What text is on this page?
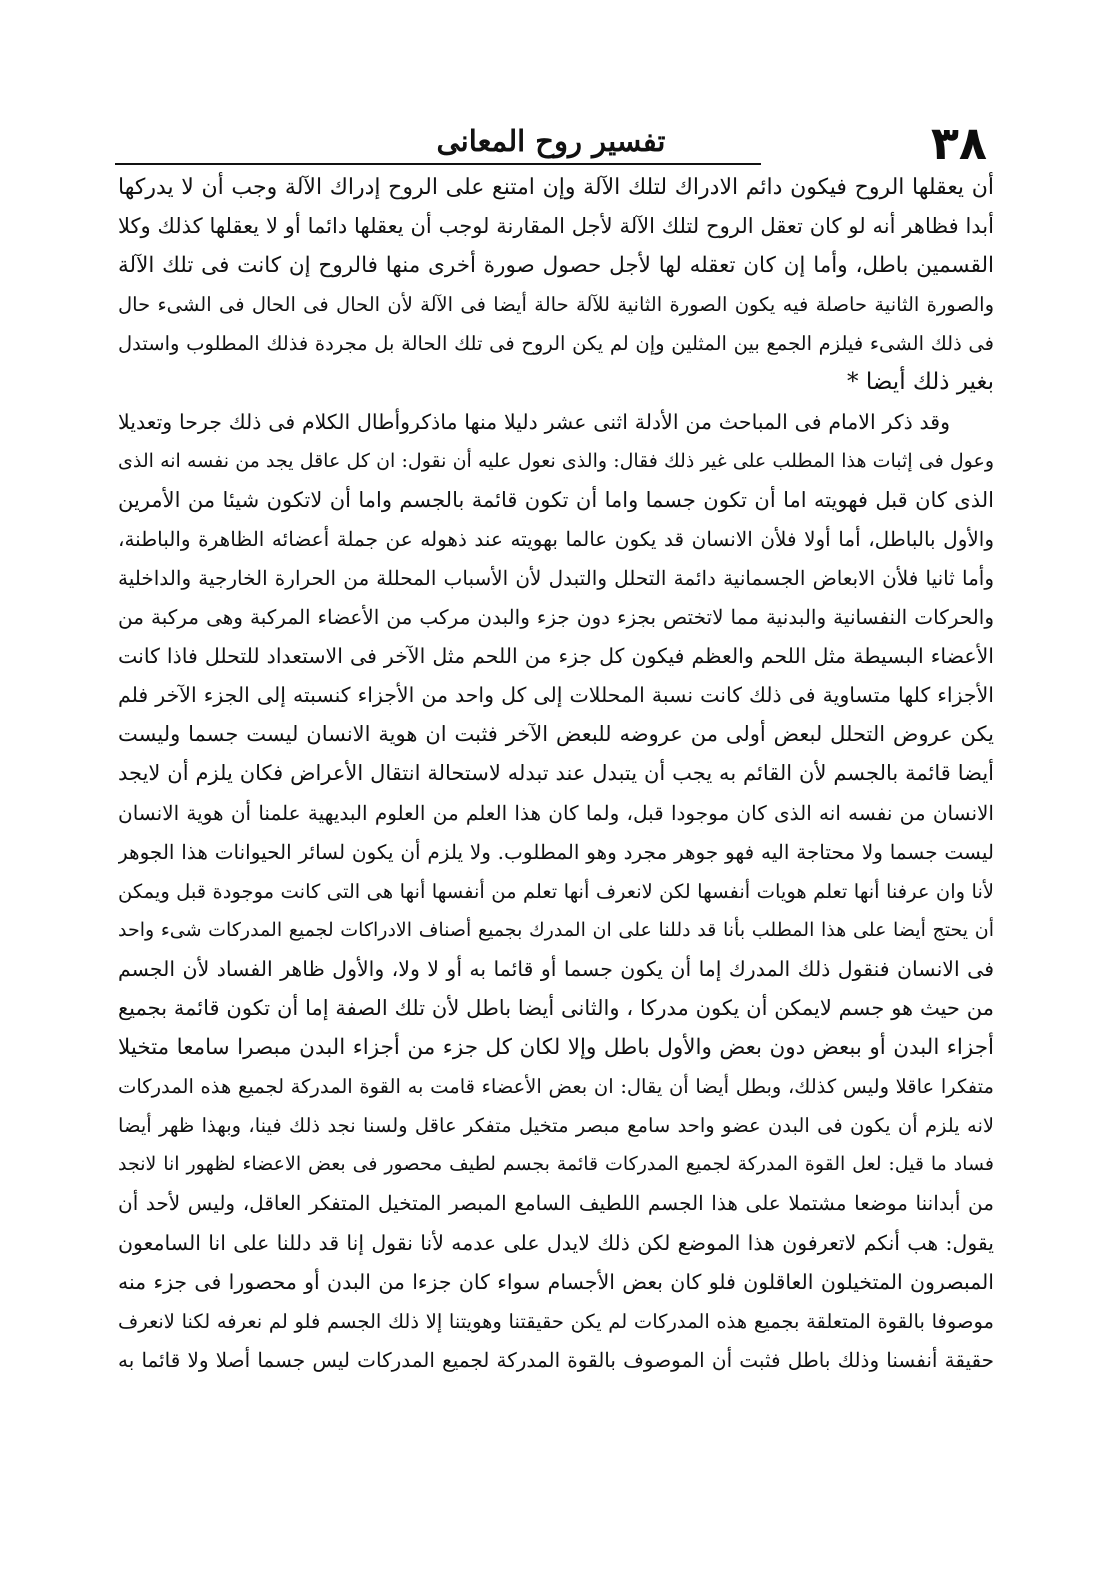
٣٨
تفسير روح المعانى
أن يعقلها الروح فيكون دائم الادراك لتلك الآلة وإن امتنع على الروح إدراك الآلة وجب أن لا يدركها
أبدا فظاهر أنه لو كان تعقل الروح لتلك الآلة لأجل المقارنة لوجب أن يعقلها دائما أو لا يعقلها كذلك وكلا
القسمين باطل، وأما إن كان تعقله لها لأجل حصول صورة أخرى منها فالروح إن كانت فى تلك الآلة
والصورة الثانية حاصلة فيه يكون الصورة الثانية للآلة حالة أيضا فى الآلة لأن الحال فى الحال فى الشىء حال
فى ذلك الشىء فيلزم الجمع بين المثلين وإن لم يكن الروح فى تلك الحالة بل مجردة فذلك المطلوب واستدل
بغير ذلك أيضا *
وقد ذكر الامام فى المباحث من الأدلة اثنى عشر دليلا منها ماذكروأطال الكلام فى ذلك جرحا وتعديلا
وعول فى إثبات هذا المطلب على غير ذلك فقال: والذى نعول عليه أن نقول: ان كل عاقل يجد من نفسه انه الذى
الذى كان قبل فهويته اما أن تكون جسما واما أن تكون قائمة بالجسم واما أن لاتكون شيئا من الأمرين
والأول بالباطل، أما أولا فلأن الانسان قد يكون عالما بهويته عند ذهوله عن جملة أعضائه الظاهرة والباطنة،
وأما ثانيا فلأن الابعاض الجسمانية دائمة التحلل والتبدل لأن الأسباب المحللة من الحرارة الخارجية والداخلية
والحركات النفسانية والبدنية مما لاتختص بجزء دون جزء والبدن مركب من الأعضاء المركبة وهى مركبة من
الأعضاء البسيطة مثل اللحم والعظم فيكون كل جزء من اللحم مثل الآخر فى الاستعداد للتحلل فاذا كانت
الأجزاء كلها متساوية فى ذلك كانت نسبة المحللات إلى كل واحد من الأجزاء كنسبته إلى الجزء الآخر فلم
يكن عروض التحلل لبعض أولى من عروضه للبعض الآخر فثبت ان هوية الانسان ليست جسما وليست
أيضا قائمة بالجسم لأن القائم به يجب أن يتبدل عند تبدله لاستحالة انتقال الأعراض فكان يلزم أن لايجد
الانسان من نفسه انه الذى كان موجودا قبل، ولما كان هذا العلم من العلوم البديهية علمنا أن هوية الانسان
ليست جسما ولا محتاجة اليه فهو جوهر مجرد وهو المطلوب. ولا يلزم أن يكون لسائر الحيوانات هذا الجوهر
لأنا وان عرفنا أنها تعلم هويات أنفسها لكن لانعرف أنها تعلم من أنفسها أنها هى التى كانت موجودة قبل ويمكن
أن يحتج أيضا على هذا المطلب بأنا قد دللنا على ان المدرك بجميع أصناف الادراكات لجميع المدركات شىء واحد
فى الانسان فنقول ذلك المدرك إما أن يكون جسما أو قائما به أو لا ولا، والأول ظاهر الفساد لأن الجسم
من حيث هو جسم لايمكن أن يكون مدركا ، والثانى أيضا باطل لأن تلك الصفة إما أن تكون قائمة بجميع
أجزاء البدن أو ببعض دون بعض والأول باطل وإلا لكان كل جزء من أجزاء البدن مبصرا سامعا متخيلا
متفكرا عاقلا وليس كذلك، وبطل أيضا أن يقال: ان بعض الأعضاء قامت به القوة المدركة لجميع هذه المدركات
لانه يلزم أن يكون فى البدن عضو واحد سامع مبصر متخيل متفكر عاقل ولسنا نجد ذلك فينا، وبهذا ظهر أيضا
فساد ما قيل: لعل القوة المدركة لجميع المدركات قائمة بجسم لطيف محصور فى بعض الاعضاء لظهور انا لانجد
من أبداننا موضعا مشتملا على هذا الجسم اللطيف السامع المبصر المتخيل المتفكر العاقل، وليس لأحد أن
يقول: هب أنكم لاتعرفون هذا الموضع لكن ذلك لايدل على عدمه لأنا نقول إنا قد دللنا على انا السامعون
المبصرون المتخيلون العاقلون فلو كان بعض الأجسام سواء كان جزءا من البدن أو محصورا فى جزء منه
موصوفا بالقوة المتعلقة بجميع هذه المدركات لم يكن حقيقتنا وهويتنا إلا ذلك الجسم فلو لم نعرفه لكنا لانعرف
حقيقة أنفسنا وذلك باطل فثبت أن الموصوف بالقوة المدركة لجميع المدركات ليس جسما أصلا ولا قائما به
